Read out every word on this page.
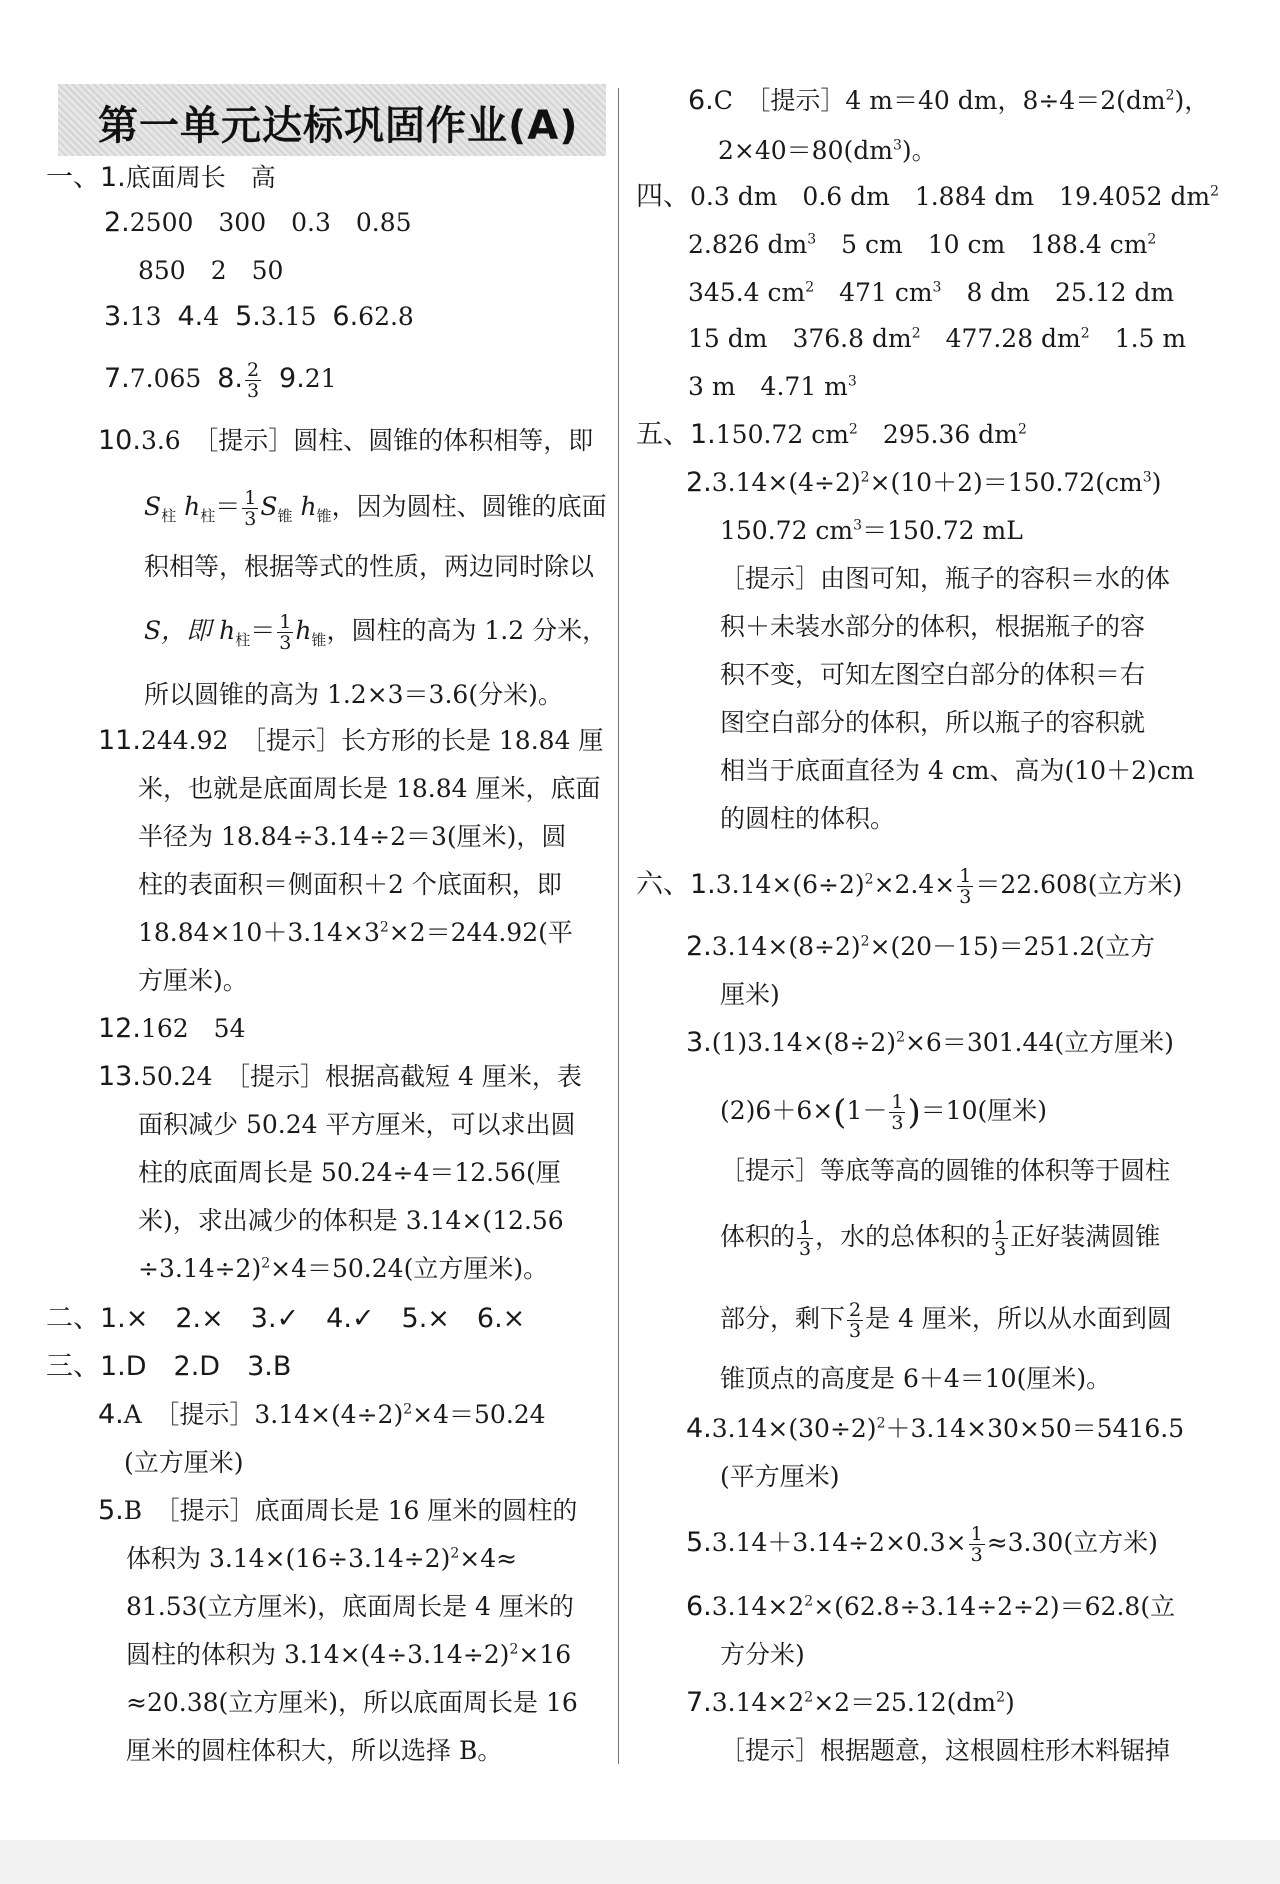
第一单元达标巩固作业(A)
一、1.底面周长　高
2.2500　300　0.3　0.85
850　2　50
3.13 4.4 5.3.15 6.62.8
7.7.065 8. $\frac{2}{3} 9.21$
10.3.6　［提示］圆柱、圆锥的体积相等，即
$S_柱$ $h_柱= \frac{1}{3} S_锥$ $h_锥$，因为圆柱、圆锥的底面
积相等，根据等式的性质，两边同时除以
S，即 $h_柱= \frac{1}{3} h_锥$，圆柱的高为 1.2 分米，
所以圆锥的高为 1.2×3＝3.6(分米)。
11.244.92　［提示］长方形的长是 18.84 厘
米，也就是底面周长是 18.84 厘米，底面
半径为 18.84÷3.14÷2＝3(厘米)，圆
柱的表面积＝侧面积＋2 个底面积，即
$18.84\times 10+3.14\times 3^2\times 2=244.92$(平
方厘米)。
12.162　54
13.50.24　［提示］根据高截短 4 厘米，表
面积减少 50.24 平方厘米，可以求出圆
柱的底面周长是 50.24÷4＝12.56(厘
米)，求出减少的体积是 3.14×(12.56
÷3.14÷2)$^2$×4＝50.24(立方厘米)。
二、1.×　2.×　3.✓　4.✓　5.×　6.×
三、1.D　2.D　3.B
4.A　［提示$]3.14\times(4\div 2)^2\times 4=50.24$
(立方厘米)
5.B　［提示］底面周长是 16 厘米的圆柱的
体积为 $3.14\times(16\div 3.14\div 2)^2\times 4\approx$
81.53(立方厘米)，底面周长是 4 厘米的
圆柱的体积为 $3.14\times(4\div 3.14\div 2)^2\times 16$
≈20.38(立方厘米)，所以底面周长是 16
厘米的圆柱体积大，所以选择 B。
6.C　［提示］4 m＝40 dm，$8\div 4=2(dm^2)$，
$2\times 40=80(dm^3)$。
四、0.3 dm　0.6 dm　1.884 dm　19.4052 $dm^2$
2.826 $dm^3$　5 cm　10 cm　188.4 $cm^2$
345.4 $cm^2$　471 $cm^3$　8 dm　25.12 dm
15 dm　376.8 $dm^2$　477.28 $dm^2$　1.5 m
3 m　4.71 $m^3$
五、1.150.72 $cm^2$　295.36 $dm^2$
$2.3.14\times(4\div 2)^2\times(10+2)=150.72(cm^3)$
150.72 $cm^3=150.72$ mL
［提示］由图可知，瓶子的容积＝水的体
积＋未装水部分的体积，根据瓶子的容
积不变，可知左图空白部分的体积＝右
图空白部分的体积，所以瓶子的容积就
相当于底面直径为 4 cm、高为(10＋2)cm
的圆柱的体积。
六、$1.3.14\times(6\div 2)^2\times 2.4\times \frac{1}{3} =22.608$(立方米)
$2.3.14\times(8\div 2)^2\times(20-15)=251.2$(立方
厘米)
$3.(1)3.14\times(8\div 2)^2\times 6=301.44$(立方厘米)
$(2)6+6\times(1- \frac{1}{3} )=10$(厘米)
［提示］等底等高的圆锥的体积等于圆柱
体积的 $\frac{1}{3}$ ，水的总体积的 $\frac{1}{3}$ 正好装满圆锥
部分，剩下 $\frac{2}{3}$ 是 4 厘米，所以从水面到圆
锥顶点的高度是 6＋4＝10(厘米)。
$4.3.14\times(30\div 2)^2+3.14\times 30\times 50=5416.5$
(平方厘米)
$5.3.14+3.14\div 2\times 0.3\times \frac{1}{3} \approx 3.30$(立方米)
$6.3.14\times 2^2\times(62.8\div 3.14\div 2\div 2)=62.8$(立
方分米)
$7.3.14\times 2^2\times 2=25.12(dm^2)$
［提示］根据题意，这根圆柱形木料锯掉
